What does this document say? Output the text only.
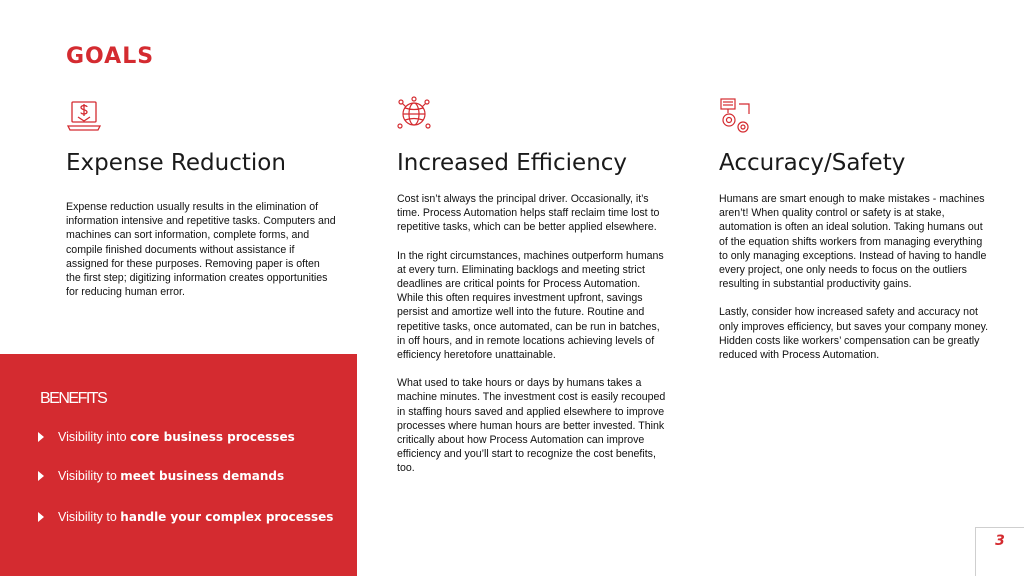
GOALS
Expense Reduction

Expense reduction usually results in the elimination of information intensive and repetitive tasks. Computers and machines can sort information, complete forms, and compile finished documents without assistance if assigned for these purposes. Removing paper is often the first step; digitizing information creates opportunities for reducing human error.

Increased Efficiency

Cost isn’t always the principal driver. Occasionally, it’s time. Process Automation helps staff reclaim time lost to repetitive tasks, which can be better applied elsewhere.

In the right circumstances, machines outperform humans at every turn. Eliminating backlogs and meeting strict deadlines are critical points for Process Automation. While this often requires investment upfront, savings persist and amortize well into the future. Routine and repetitive tasks, once automated, can be run in batches, in off hours, and in remote locations achieving levels of efficiency heretofore unattainable.

What used to take hours or days by humans takes a machine minutes. The investment cost is easily recouped in staffing hours saved and applied elsewhere to improve processes where human hours are better invested. Think critically about how Process Automation can improve efficiency and you’ll start to recognize the cost benefits, too.

Accuracy/Safety

Humans are smart enough to make mistakes - machines aren’t! When quality control or safety is at stake, automation is often an ideal solution. Taking humans out of the equation shifts workers from managing everything to only managing exceptions. Instead of having to handle every project, one only needs to focus on the outliers resulting in substantial productivity gains.

Lastly, consider how increased safety and accuracy not only improves efficiency, but saves your company money. Hidden costs like workers’ compensation can be greatly reduced with Process Automation.

BENEFITS
Visibility into core business processes
Visibility to meet business demands
Visibility to handle your complex processes
3
